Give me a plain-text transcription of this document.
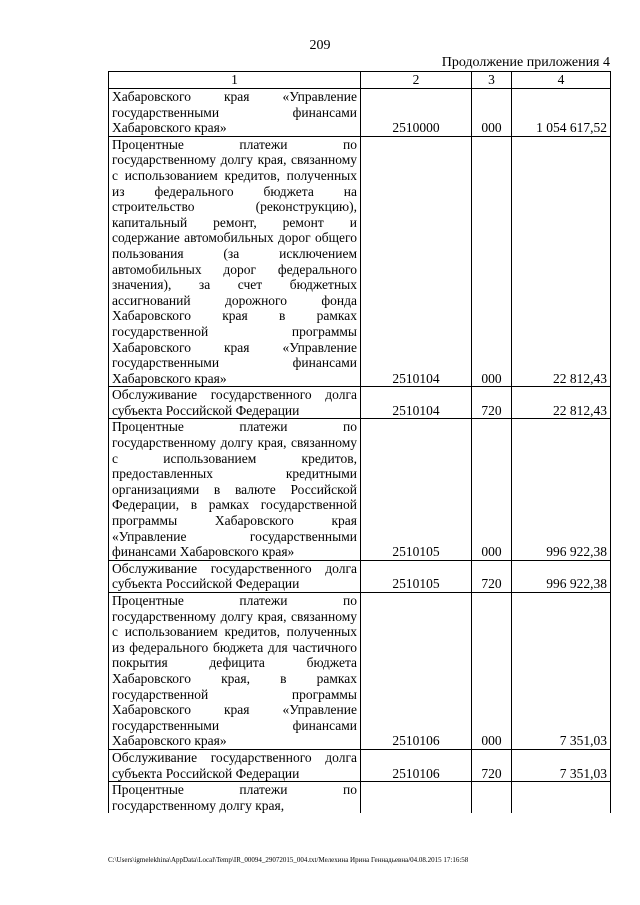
209
Продолжение приложения 4
1	2	3	4
Хабаровского края «Управление государственными финансами Хабаровского края»	2510000	000	1 054 617,52
Процентные платежи по государственному долгу края, связанному с использованием кредитов, полученных из федерального бюджета на строительство (реконструкцию), капитальный ремонт, ремонт и содержание автомобильных дорог общего пользования (за исключением автомобильных дорог федерального значения), за счет бюджетных ассигнований дорожного фонда Хабаровского края в рамках государственной программы Хабаровского края «Управление государственными финансами Хабаровского края»	2510104	000	22 812,43
Обслуживание государственного долга субъекта Российской Федерации	2510104	720	22 812,43
Процентные платежи по государственному долгу края, связанному с использованием кредитов, предоставленных кредитными организациями в валюте Российской Федерации, в рамках государственной программы Хабаровского края «Управление государственными финансами Хабаровского края»	2510105	000	996 922,38
Обслуживание государственного долга субъекта Российской Федерации	2510105	720	996 922,38
Процентные платежи по государственному долгу края, связанному с использованием кредитов, полученных из федерального бюджета для частичного покрытия дефицита бюджета Хабаровского края, в рамках государственной программы Хабаровского края «Управление государственными финансами Хабаровского края»	2510106	000	7 351,03
Обслуживание государственного долга субъекта Российской Федерации	2510106	720	7 351,03
Процентные платежи по государственному долгу края,			
C:\Users\igmelekhina\AppData\Local\Temp\IR_00094_29072015_004.txt/Мелехина Ирина Геннадьевна/04.08.2015 17:16:58
